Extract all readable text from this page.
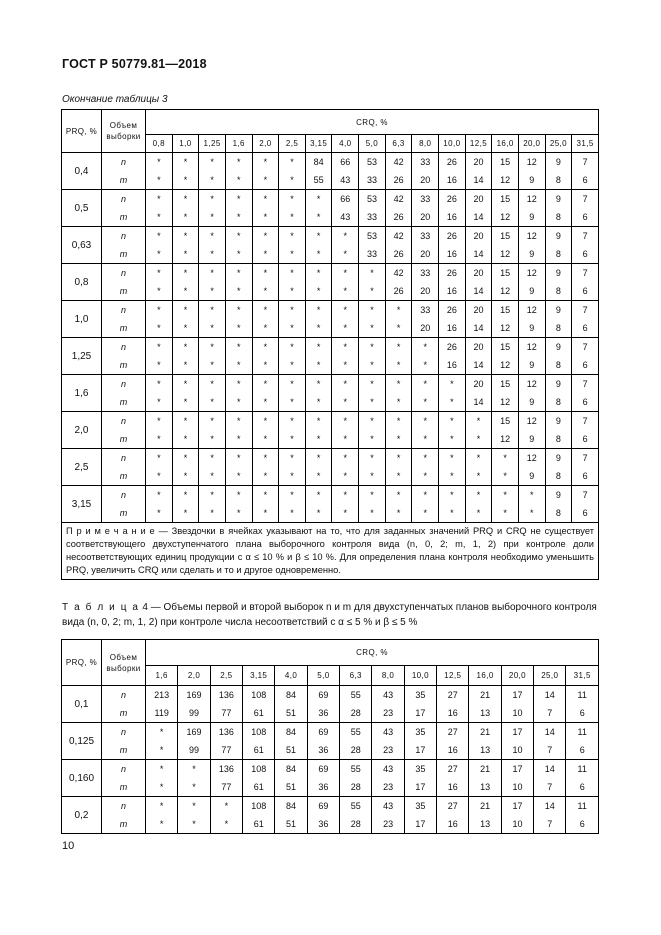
ГОСТ Р 50779.81—2018
Окончание таблицы 3
PRQ, %	Объем выборки	CRQ, %																
		0,8	1,0	1,25	1,6	2,0	2,5	3,15	4,0	5,0	6,3	8,0	10,0	12,5	16,0	20,0	25,0	31,5
0,4	n	*	*	*	*	*	*	84	66	53	42	33	26	20	15	12	9	7
	m	*	*	*	*	*	*	55	43	33	26	20	16	14	12	9	8	6
0,5	n	*	*	*	*	*	*	*	66	53	42	33	26	20	15	12	9	7
	m	*	*	*	*	*	*	*	43	33	26	20	16	14	12	9	8	6
0,63	n	*	*	*	*	*	*	*	*	53	42	33	26	20	15	12	9	7
	m	*	*	*	*	*	*	*	*	33	26	20	16	14	12	9	8	6
0,8	n	*	*	*	*	*	*	*	*	*	42	33	26	20	15	12	9	7
	m	*	*	*	*	*	*	*	*	*	26	20	16	14	12	9	8	6
1,0	n	*	*	*	*	*	*	*	*	*	*	33	26	20	15	12	9	7
	m	*	*	*	*	*	*	*	*	*	*	20	16	14	12	9	8	6
1,25	n	*	*	*	*	*	*	*	*	*	*	*	26	20	15	12	9	7
	m	*	*	*	*	*	*	*	*	*	*	*	16	14	12	9	8	6
1,6	n	*	*	*	*	*	*	*	*	*	*	*	*	20	15	12	9	7
	m	*	*	*	*	*	*	*	*	*	*	*	*	14	12	9	8	6
2,0	n	*	*	*	*	*	*	*	*	*	*	*	*	*	15	12	9	7
	m	*	*	*	*	*	*	*	*	*	*	*	*	*	12	9	8	6
2,5	n	*	*	*	*	*	*	*	*	*	*	*	*	*	*	12	9	7
	m	*	*	*	*	*	*	*	*	*	*	*	*	*	*	9	8	6
3,15	n	*	*	*	*	*	*	*	*	*	*	*	*	*	*	*	9	7
	m	*	*	*	*	*	*	*	*	*	*	*	*	*	*	*	8	6
П р и м е ч а н и е — Звездочки в ячейках указывают на то, что для заданных значений PRQ и CRQ не существует соответствующего двухступенчатого плана выборочного контроля вида (n, 0, 2; m, 1, 2) при контроле доли несоответствующих единиц продукции с α ≤ 10 % и β ≤ 10 %. Для определения плана контроля необходимо уменьшить PRQ, увеличить CRQ или сделать и то и другое одновременно.																		
Т а б л и ц а 4 — Объемы первой и второй выборок n и m для двухступенчатых планов выборочного контроля вида (n, 0, 2; m, 1, 2) при контроле числа несоответствий с α ≤ 5 % и β ≤ 5 %
PRQ, %	Объем выборки	CRQ, %													
		1,6	2,0	2,5	3,15	4,0	5,0	6,3	8,0	10,0	12,5	16,0	20,0	25,0	31,5
0,1	n	213	169	136	108	84	69	55	43	35	27	21	17	14	11
	m	119	99	77	61	51	36	28	23	17	16	13	10	7	6
0,125	n	*	169	136	108	84	69	55	43	35	27	21	17	14	11
	m	*	99	77	61	51	36	28	23	17	16	13	10	7	6
0,160	n	*	*	136	108	84	69	55	43	35	27	21	17	14	11
	m	*	*	77	61	51	36	28	23	17	16	13	10	7	6
0,2	n	*	*	*	108	84	69	55	43	35	27	21	17	14	11
	m	*	*	*	61	51	36	28	23	17	16	13	10	7	6
10
